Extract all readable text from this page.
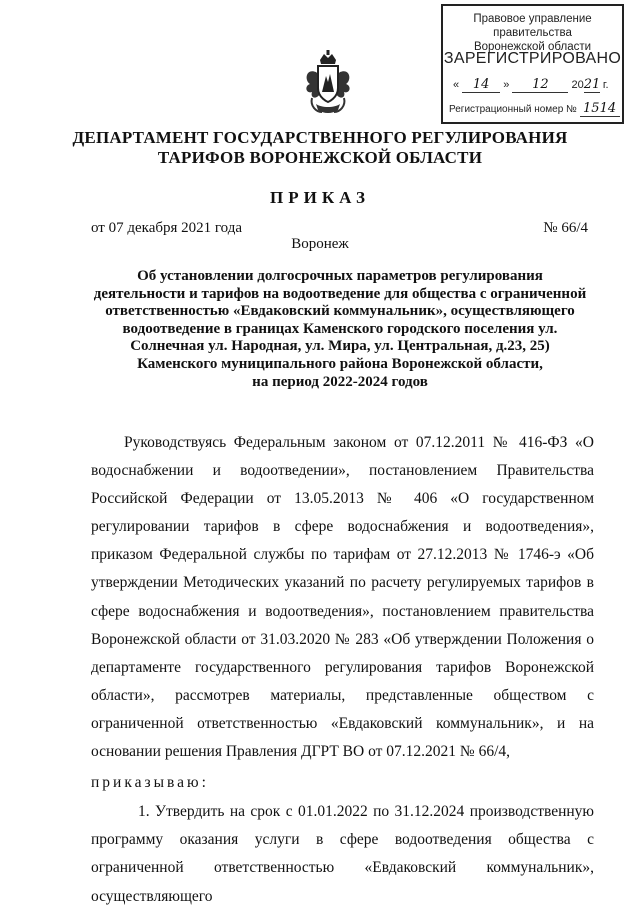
Правовое управление правительства
Воронежской области
ЗАРЕГИСТРИРОВАНО
« 14 » 12 2021 г.
Регистрационный номер № 1514
ДЕПАРТАМЕНТ ГОСУДАРСТВЕННОГО РЕГУЛИРОВАНИЯ
ТАРИФОВ ВОРОНЕЖСКОЙ ОБЛАСТИ
ПРИКАЗ
от 07 декабря 2021 года	№ 66/4
Воронеж
Об установлении долгосрочных параметров регулирования
деятельности и тарифов на водоотведение для общества с ограниченной
ответственностью «Евдаковский коммунальник», осуществляющего
водоотведение в границах Каменского городского поселения ул.
Солнечная ул. Народная, ул. Мира, ул. Центральная, д.23, 25)
Каменского муниципального района Воронежской области,
на период 2022-2024 годов

Руководствуясь Федеральным законом от 07.12.2011 № 416-ФЗ «О водоснабжении и водоотведении», постановлением Правительства Российской Федерации от 13.05.2013 № 406 «О государственном регулировании тарифов в сфере водоснабжения и водоотведения», приказом Федеральной службы по тарифам от 27.12.2013 № 1746-э «Об утверждении Методических указаний по расчету регулируемых тарифов в сфере водоснабжения и водоотведения», постановлением правительства Воронежской области от 31.03.2020 № 283 «Об утверждении Положения о департаменте государственного регулирования тарифов Воронежской области», рассмотрев материалы, представленные обществом с ограниченной ответственностью «Евдаковский коммунальник», и на основании решения Правления ДГРТ ВО от 07.12.2021 № 66/4,

приказываю:

1. Утвердить на срок с 01.01.2022 по 31.12.2024 производственную программу оказания услуги в сфере водоотведения общества с ограниченной ответственностью «Евдаковский коммунальник», осуществляющего
